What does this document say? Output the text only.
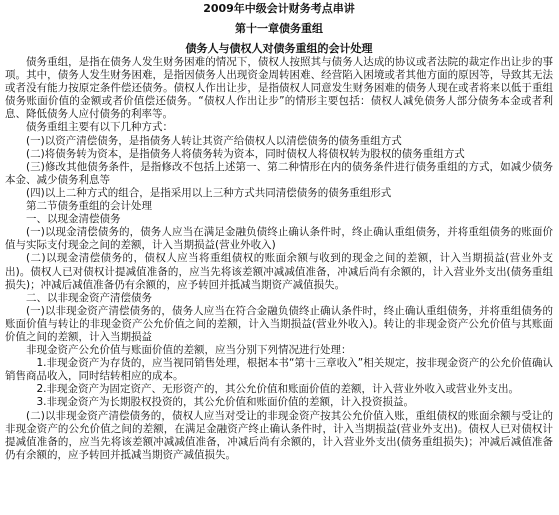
2009年中级会计财务考点串讲
第十一章债务重组
债务人与债权人对债务重组的会计处理

债务重组，是指在债务人发生财务困难的情况下，债权人按照其与债务人达成的协议或者法院的裁定作出让步的事项。其中，债务人发生财务困难，是指因债务人出现资金周转困难、经营陷入困境或者其他方面的原因等，导致其无法或者没有能力按原定条件偿还债务。债权人作出让步，是指债权人同意发生财务困难的债务人现在或者将来以低于重组债务账面价值的金额或者价值偿还债务。“债权人作出让步”的情形主要包括：债权人减免债务人部分债务本金或者利息、降低债务人应付债务的利率等。

债务重组主要有以下几种方式：

(一)以资产清偿债务，是指债务人转让其资产给债权人以清偿债务的债务重组方式

(二)将债务转为资本，是指债务人将债务转为资本，同时债权人将债权转为股权的债务重组方式

(三)修改其他债务条件，是指修改不包括上述第一、第二种情形在内的债务条件进行债务重组的方式，如减少债务本金、减少债务利息等

(四)以上二种方式的组合，是指采用以上三种方式共同清偿债务的债务重组形式

第二节债务重组的会计处理

一、以现金清偿债务

(一)以现金清偿债务的，债务人应当在满足金融负债终止确认条件时，终止确认重组债务，并将重组债务的账面价值与实际支付现金之间的差额，计入当期损益(营业外收入)

(二)以现金清偿债务的，债权人应当将重组债权的账面余额与收到的现金之间的差额，计入当期损益(营业外支出)。债权人已对债权计提减值准备的，应当先将该差额冲减减值准备，冲减后尚有余额的，计入营业外支出(债务重组损失)；冲减后减值准备仍有余额的，应予转回并抵减当期资产减值损失。

二、以非现金资产清偿债务

(一)以非现金资产清偿债务的，债务人应当在符合金融负债终止确认条件时，终止确认重组债务，并将重组债务的账面价值与转让的非现金资产公允价值之间的差额，计入当期损益(营业外收入)。转让的非现金资产公允价值与其账面价值之间的差额，计入当期损益

非现金资产公允价值与账面价值的差额，应当分别下列情况进行处理：

1.非现金资产为存货的，应当视同销售处理，根据本书“第十三章收入”相关规定，按非现金资产的公允价值确认销售商品收入，同时结转相应的成本。

2.非现金资产为固定资产、无形资产的，其公允价值和账面价值的差额，计入营业外收入或营业外支出。

3.非现金资产为长期股权投资的，其公允价值和账面价值的差额，计入投资损益。

(二)以非现金资产清偿债务的，债权人应当对受让的非现金资产按其公允价值入账，重组债权的账面余额与受让的非现金资产的公允价值之间的差额，在满足金融资产终止确认条件时，计入当期损益(营业外支出)。债权人已对债权计提减值准备的，应当先将该差额冲减减值准备，冲减后尚有余额的，计入营业外支出(债务重组损失)；冲减后减值准备仍有余额的，应予转回并抵减当期资产减值损失。
